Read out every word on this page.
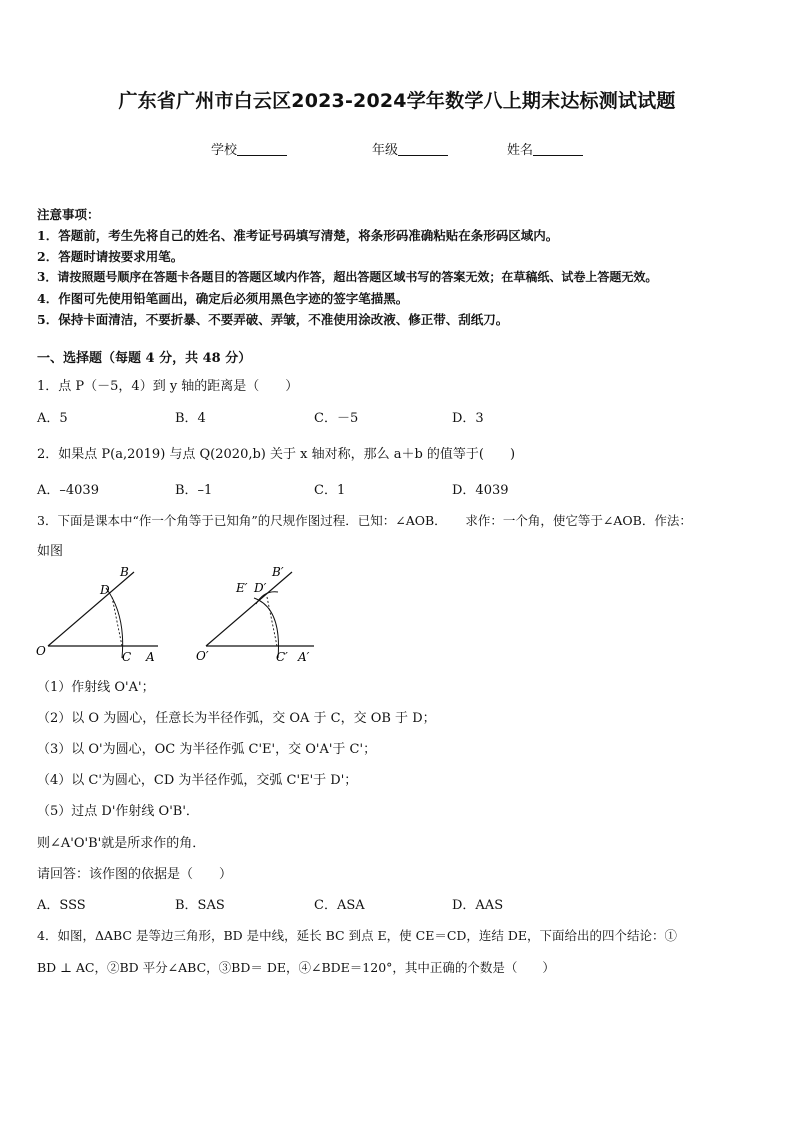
广东省广州市白云区2023-2024学年数学八上期末达标测试试题
学校	年级	姓名
注意事项：
1．答题前，考生先将自己的姓名、准考证号码填写清楚，将条形码准确粘贴在条形码区域内。
2．答题时请按要求用笔。
3．请按照题号顺序在答题卡各题目的答题区域内作答，超出答题区域书写的答案无效；在草稿纸、试卷上答题无效。
4．作图可先使用铅笔画出，确定后必须用黑色字迹的签字笔描黑。
5．保持卡面清洁，不要折暴、不要弄破、弄皱，不准使用涂改液、修正带、刮纸刀。
一、选择题（每题 4 分，共 48 分）
1．点 P（－5，4）到 y 轴的距离是（　　）
A．5	B．4	C．－5	D．3
2．如果点 P(a,2019) 与点 Q(2020,b) 关于 x 轴对称，那么 a＋b 的值等于(　　)
A．–4039	B．–1	C．1	D．4039
3．下面是课本中“作一个角等于已知角”的尺规作图过程．已知：∠AOB．　　求作：一个角，使它等于∠AOB．作法：
如图
B
D
O	C A
B′
E′ D′
O′	C′ A′
（1）作射线 O'A'；
（2）以 O 为圆心，任意长为半径作弧，交 OA 于 C，交 OB 于 D；
（3）以 O'为圆心，OC 为半径作弧 C'E'，交 O'A'于 C'；
（4）以 C'为圆心，CD 为半径作弧，交弧 C'E'于 D'；
（5）过点 D'作射线 O'B'．
则∠A'O'B'就是所求作的角．
请回答：该作图的依据是（　　）
A．SSS	B．SAS	C．ASA	D．AAS
4．如图，ΔABC 是等边三角形，BD 是中线，延长 BC 到点 E，使 CE＝CD，连结 DE，下面给出的四个结论：①
BD ⊥ AC，②BD 平分∠ABC，③BD＝ DE，④∠BDE＝120°，其中正确的个数是（　　）
